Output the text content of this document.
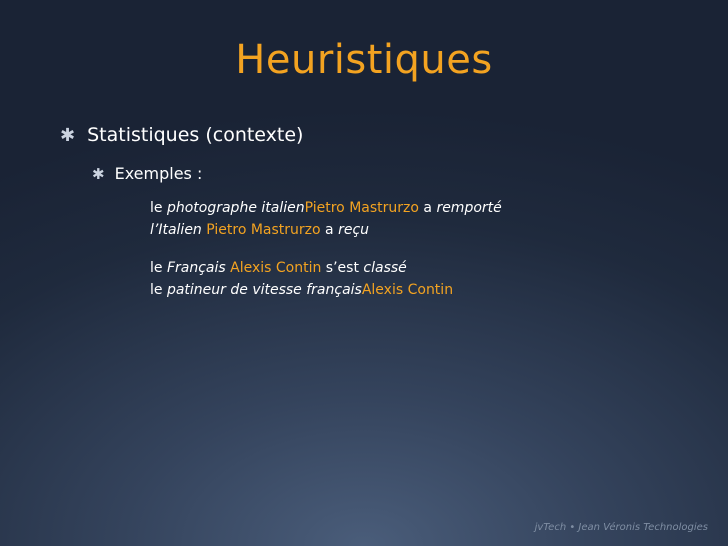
Heuristiques
✱ Statistiques (contexte)
✱ Exemples :
le photographe italienPietro Mastrurzo a remporté
l’Italien Pietro Mastrurzo a reçu
le Français Alexis Contin s’est classé
le patineur de vitesse françaisAlexis Contin
jvTech • Jean Véronis Technologies
